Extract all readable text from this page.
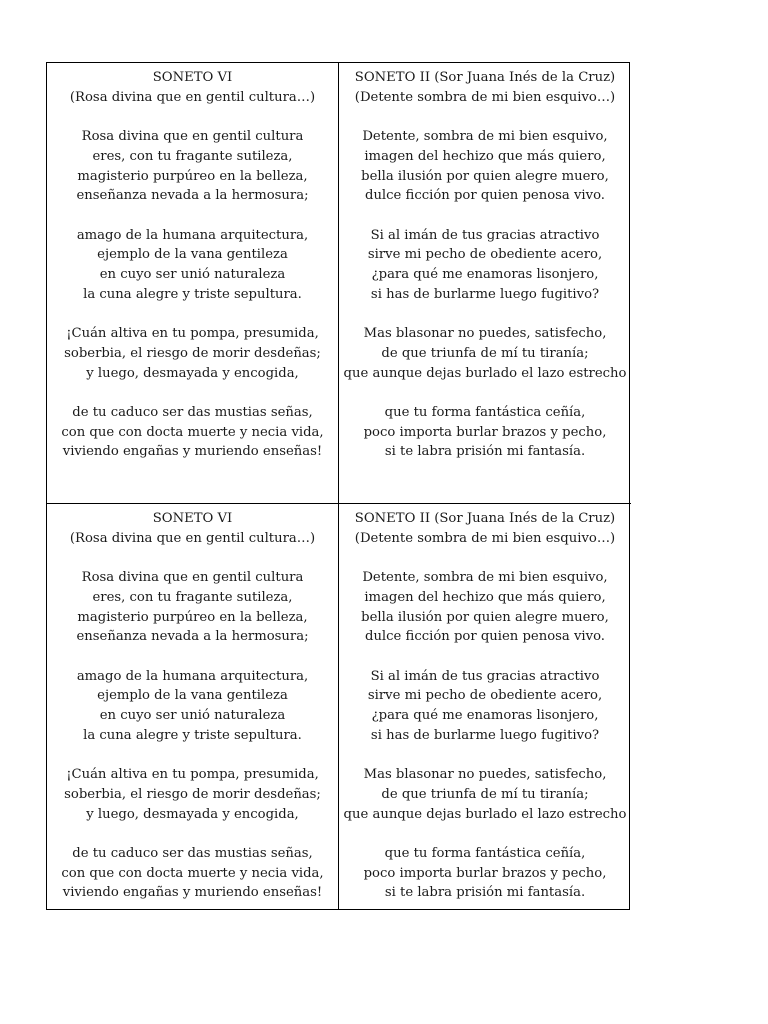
SONETO VI
(Rosa divina que en gentil cultura…)
Rosa divina que en gentil cultura
eres, con tu fragante sutileza,
magisterio purpúreo en la belleza,
enseñanza nevada a la hermosura;
amago de la humana arquitectura,
ejemplo de la vana gentileza
en cuyo ser unió naturaleza
la cuna alegre y triste sepultura.
¡Cuán altiva en tu pompa, presumida,
soberbia, el riesgo de morir desdeñas;
y luego, desmayada y encogida,
de tu caduco ser das mustias señas,
con que con docta muerte y necia vida,
viviendo engañas y muriendo enseñas!
SONETO II (Sor Juana Inés de la Cruz)
(Detente sombra de mi bien esquivo…)
Detente, sombra de mi bien esquivo,
imagen del hechizo que más quiero,
bella ilusión por quien alegre muero,
dulce ficción por quien penosa vivo.
Si al imán de tus gracias atractivo
sirve mi pecho de obediente acero,
¿para qué me enamoras lisonjero,
si has de burlarme luego fugitivo?
Mas blasonar no puedes, satisfecho,
de que triunfa de mí tu tiranía;
que aunque dejas burlado el lazo estrecho
que tu forma fantástica ceñía,
poco importa burlar brazos y pecho,
si te labra prisión mi fantasía.
SONETO VI
(Rosa divina que en gentil cultura…)
Rosa divina que en gentil cultura
eres, con tu fragante sutileza,
magisterio purpúreo en la belleza,
enseñanza nevada a la hermosura;
amago de la humana arquitectura,
ejemplo de la vana gentileza
en cuyo ser unió naturaleza
la cuna alegre y triste sepultura.
¡Cuán altiva en tu pompa, presumida,
soberbia, el riesgo de morir desdeñas;
y luego, desmayada y encogida,
de tu caduco ser das mustias señas,
con que con docta muerte y necia vida,
viviendo engañas y muriendo enseñas!
SONETO II (Sor Juana Inés de la Cruz)
(Detente sombra de mi bien esquivo…)
Detente, sombra de mi bien esquivo,
imagen del hechizo que más quiero,
bella ilusión por quien alegre muero,
dulce ficción por quien penosa vivo.
Si al imán de tus gracias atractivo
sirve mi pecho de obediente acero,
¿para qué me enamoras lisonjero,
si has de burlarme luego fugitivo?
Mas blasonar no puedes, satisfecho,
de que triunfa de mí tu tiranía;
que aunque dejas burlado el lazo estrecho
que tu forma fantástica ceñía,
poco importa burlar brazos y pecho,
si te labra prisión mi fantasía.
